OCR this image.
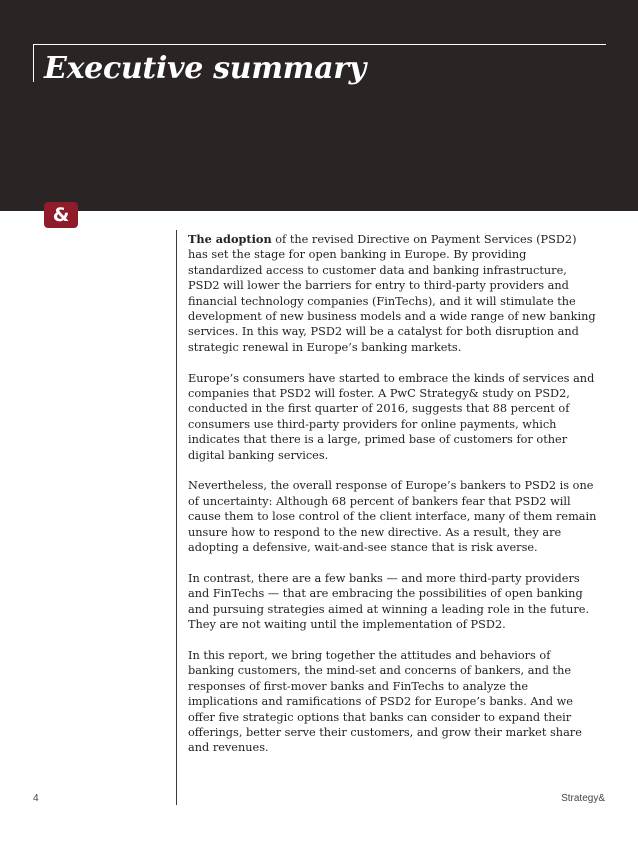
Executive summary
&

The adoption of the revised Directive on Payment Services (PSD2) has set the stage for open banking in Europe. By providing standardized access to customer data and banking infrastructure, PSD2 will lower the barriers for entry to third-party providers and financial technology companies (FinTechs), and it will stimulate the development of new business models and a wide range of new banking services. In this way, PSD2 will be a catalyst for both disruption and strategic renewal in Europe’s banking markets.

Europe’s consumers have started to embrace the kinds of services and companies that PSD2 will foster. A PwC Strategy& study on PSD2, conducted in the first quarter of 2016, suggests that 88 percent of consumers use third-party providers for online payments, which indicates that there is a large, primed base of customers for other digital banking services.

Nevertheless, the overall response of Europe’s bankers to PSD2 is one of uncertainty: Although 68 percent of bankers fear that PSD2 will cause them to lose control of the client interface, many of them remain unsure how to respond to the new directive. As a result, they are adopting a defensive, wait-and-see stance that is risk averse.

In contrast, there are a few banks — and more third-party providers and FinTechs — that are embracing the possibilities of open banking and pursuing strategies aimed at winning a leading role in the future. They are not waiting until the implementation of PSD2.

In this report, we bring together the attitudes and behaviors of banking customers, the mind-set and concerns of bankers, and the responses of first-mover banks and FinTechs to analyze the implications and ramifications of PSD2 for Europe’s banks. And we offer five strategic options that banks can consider to expand their offerings, better serve their customers, and grow their market share and revenues.

4	Strategy&
